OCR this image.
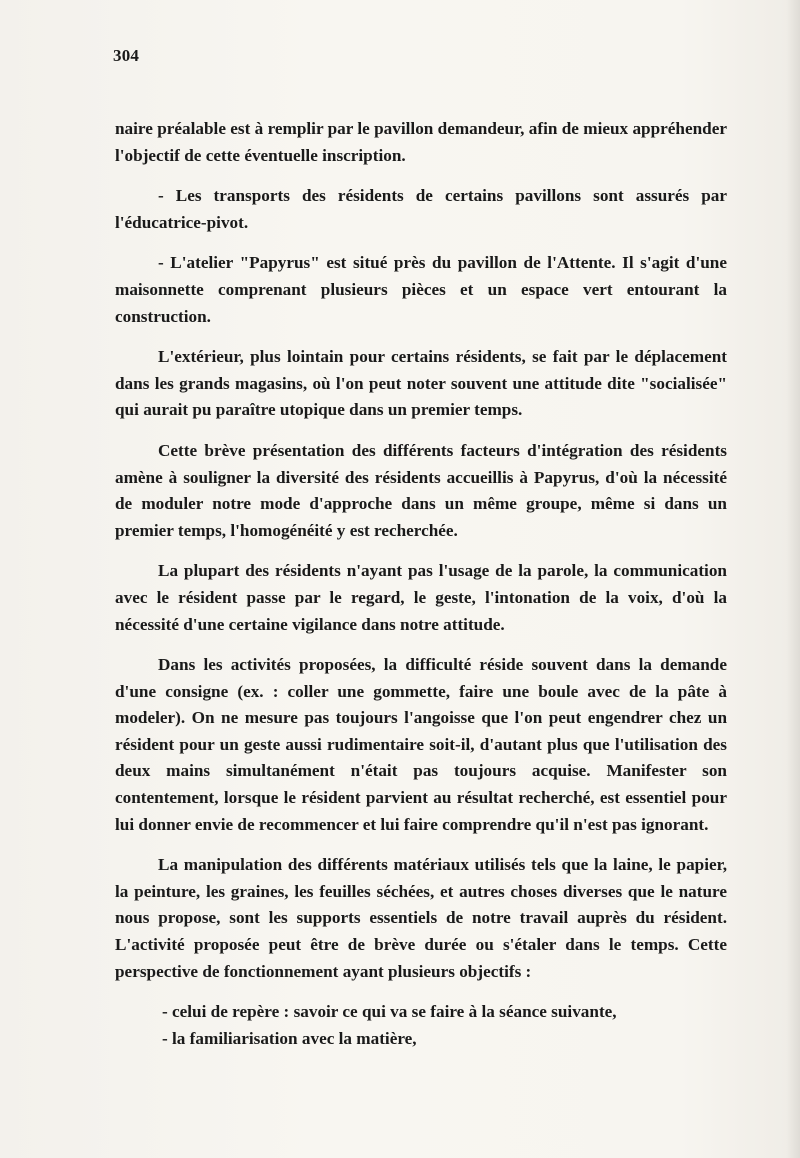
304

naire préalable est à remplir par le pavillon demandeur, afin de mieux appréhender l'objectif de cette éventuelle inscription.

- Les transports des résidents de certains pavillons sont assurés par l'éducatrice-pivot.

- L'atelier "Papyrus" est situé près du pavillon de l'Attente. Il s'agit d'une maisonnette comprenant plusieurs pièces et un espace vert entourant la construction.

L'extérieur, plus lointain pour certains résidents, se fait par le déplacement dans les grands magasins, où l'on peut noter souvent une attitude dite "socialisée" qui aurait pu paraître utopique dans un premier temps.

Cette brève présentation des différents facteurs d'intégration des résidents amène à souligner la diversité des résidents accueillis à Papyrus, d'où la nécessité de moduler notre mode d'approche dans un même groupe, même si dans un premier temps, l'homogénéité y est recherchée.

La plupart des résidents n'ayant pas l'usage de la parole, la communication avec le résident passe par le regard, le geste, l'intonation de la voix, d'où la nécessité d'une certaine vigilance dans notre attitude.

Dans les activités proposées, la difficulté réside souvent dans la demande d'une consigne (ex. : coller une gommette, faire une boule avec de la pâte à modeler). On ne mesure pas toujours l'angoisse que l'on peut engendrer chez un résident pour un geste aussi rudimentaire soit-il, d'autant plus que l'utilisation des deux mains simultanément n'était pas toujours acquise. Manifester son contentement, lorsque le résident parvient au résultat recherché, est essentiel pour lui donner envie de recommencer et lui faire comprendre qu'il n'est pas ignorant.

La manipulation des différents matériaux utilisés tels que la laine, le papier, la peinture, les graines, les feuilles séchées, et autres choses diverses que le nature nous propose, sont les supports essentiels de notre travail auprès du résident. L'activité proposée peut être de brève durée ou s'étaler dans le temps. Cette perspective de fonctionnement ayant plusieurs objectifs :

- celui de repère : savoir ce qui va se faire à la séance suivante,

- la familiarisation avec la matière,
